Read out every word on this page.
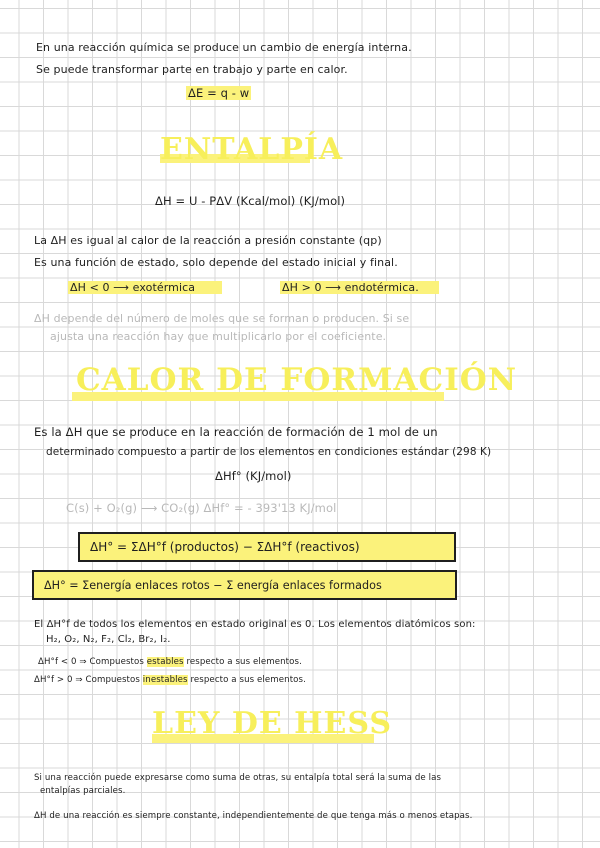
En una reacción química se produce un cambio de energía interna.
Se puede transformar parte en trabajo y parte en calor.
ΔE = q - w
ENTALPÍA
ΔH = U - PΔV (Kcal/mol) (KJ/mol)
La ΔH es igual al calor de la reacción a presión constante (qp)
Es una función de estado, solo depende del estado inicial y final.
ΔH < 0 ⟶ exotérmica	ΔH > 0 ⟶ endotérmica.
ΔH depende del número de moles que se forman o producen. Si se
ajusta una reacción hay que multiplicarlo por el coeficiente.
CALOR DE FORMACIÓN
Es la ΔH que se produce en la reacción de formación de 1 mol de un
determinado compuesto a partir de los elementos en condiciones estándar (298 K)
ΔHf° (KJ/mol)
C(s) + O₂(g) ⟶ CO₂(g) ΔHf° = - 393'13 KJ/mol
ΔH° = ΣΔH°f (productos) − ΣΔH°f (reactivos)
ΔH° = Σenergía enlaces rotos − Σ energía enlaces formados
El ΔH°f de todos los elementos en estado original es 0. Los elementos diatómicos son:
H₂, O₂, N₂, F₂, Cl₂, Br₂, I₂.
ΔH°f < 0 ⇒ Compuestos estables respecto a sus elementos.
ΔH°f > 0 ⇒ Compuestos inestables respecto a sus elementos.
LEY DE HESS
Si una reacción puede expresarse como suma de otras, su entalpía total será la suma de las
entalpías parciales.
ΔH de una reacción es siempre constante, independientemente de que tenga más o menos etapas.
